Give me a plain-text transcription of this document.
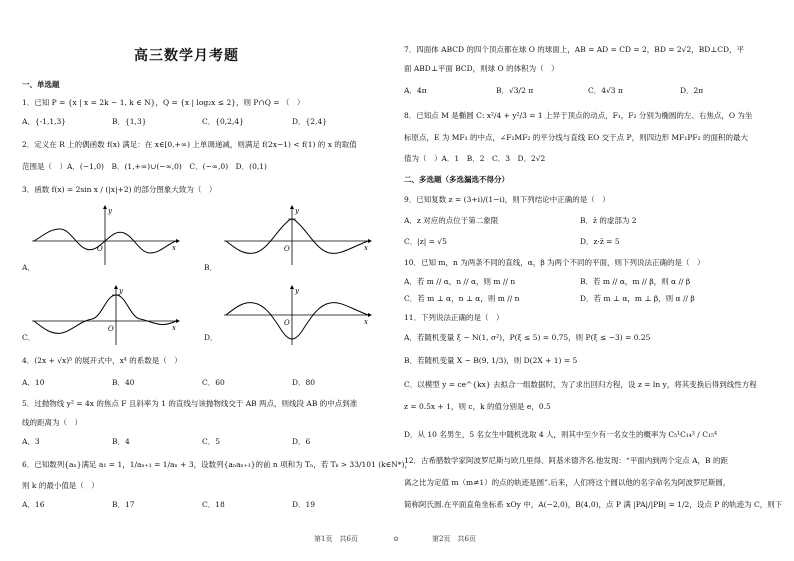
高三数学月考题
一、单选题
1．已知 P = {x | x = 2k − 1, k ∈ N}，Q = {x | log₂x ≤ 2}，则 P∩Q = （　）
A．{-1,1,3}	B．{1,3}	C．{0,2,4}	D．{2,4}
2．定义在 R 上的偶函数 f(x) 满足：在 x∈[0,+∞) 上单调递减，则满足 f(2x−1) < f(1) 的 x 的取值
范围是（　）A．(−1,0)　B．(1,+∞)∪(−∞,0)　C．(−∞,0)　D．(0,1)
3．函数 f(x) = 2sin x / (|x|+2) 的部分图象大致为（　）
O	x
y
A．
O	x
y
B．
O	x
y
C．
O	x
y
D．
4．(2x + √x)⁵ 的展开式中，x⁴ 的系数是（　）
A．10	B．40	C．60	D．80
5．过抛物线 y² = 4x 的焦点 F 且斜率为 1 的直线与该抛物线交于 AB 两点，则线段 AB 的中点到准
线的距离为（　）
A．3	B．4	C．5	D．6
6．已知数列{aₙ}满足 a₁ = 1，1/aₙ₊₁ = 1/aₙ + 3，设数列{aₙaₙ₊₁}的前 n 项和为 Tₙ，若 Tₖ > 33/101 (k∈N*)，
则 k 的最小值是（　）
A．16	B．17	C．18	D．19
7．四面体 ABCD 的四个顶点都在球 O 的球面上，AB = AD = CD = 2，BD = 2√2，BD⊥CD，平
面 ABD⊥平面 BCD，则球 O 的体积为（　）
A．4π	B．√3/2 π	C．4√3 π	D．2π
8．已知点 M 是椭圆 C: x²/4 + y²/3 = 1 上异于顶点的动点，F₁，F₂ 分别为椭圆的左、右焦点，O 为坐
标原点，E 为 MF₁ 的中点，∠F₁MF₂ 的平分线与直线 EO 交于点 P，则四边形 MF₁PF₂ 的面积的最大
值为（　）A．1　B．2　C．3　D．2√2
二、多选题（多选漏选不得分）
9．已知复数 z = (3+i)/(1−i)，则下列结论中正确的是（　）
A．z 对应的点位于第二象限	B．z̄ 的虚部为 2
C．|z| = √5	D．z·z̄ = 5
10．已知 m，n 为两条不同的直线，α，β 为两个不同的平面，则下列说法正确的是（　）
A．若 m // α，n // α，则 m // n	B．若 m // α，m // β，则 α // β
C．若 m ⊥ α，n ⊥ α，则 m // n	D．若 m ⊥ α，m ⊥ β，则 α // β
11．下列说法正确的是（　）
A．若随机变量 ξ ~ N(1, σ²)，P(ξ ≤ 5) = 0.75，则 P(ξ ≤ −3) = 0.25
B．若随机变量 X ~ B(9, 1/3)，则 D(2X + 1) = 5
C．以模型 y = ce^{kx} 去拟合一组数据时，为了求出回归方程，设 z = ln y，将其变换后得到线性方程
z = 0.5x + 1，则 c，k 的值分别是 e，0.5
D．从 10 名男生，5 名女生中随机选取 4 人，则其中至少有一名女生的概率为 C₅¹C₁₄³ / C₁₅⁴
12．古希腊数学家阿波罗尼斯与欧几里得、阿基米德齐名.他发现：“平面内到两个定点 A，B 的距
离之比为定值 m（m≠1）的点的轨迹是圆”.后来，人们将这个圆以他的名字命名为阿波罗尼斯圆，
简称阿氏圆.在平面直角坐标系 xOy 中，A(−2,0)，B(4,0)，点 P 满 |PA|/|PB| = 1/2，设点 P 的轨迹为 C，则下
第1页　共6页	⊙	第2页　共6页
